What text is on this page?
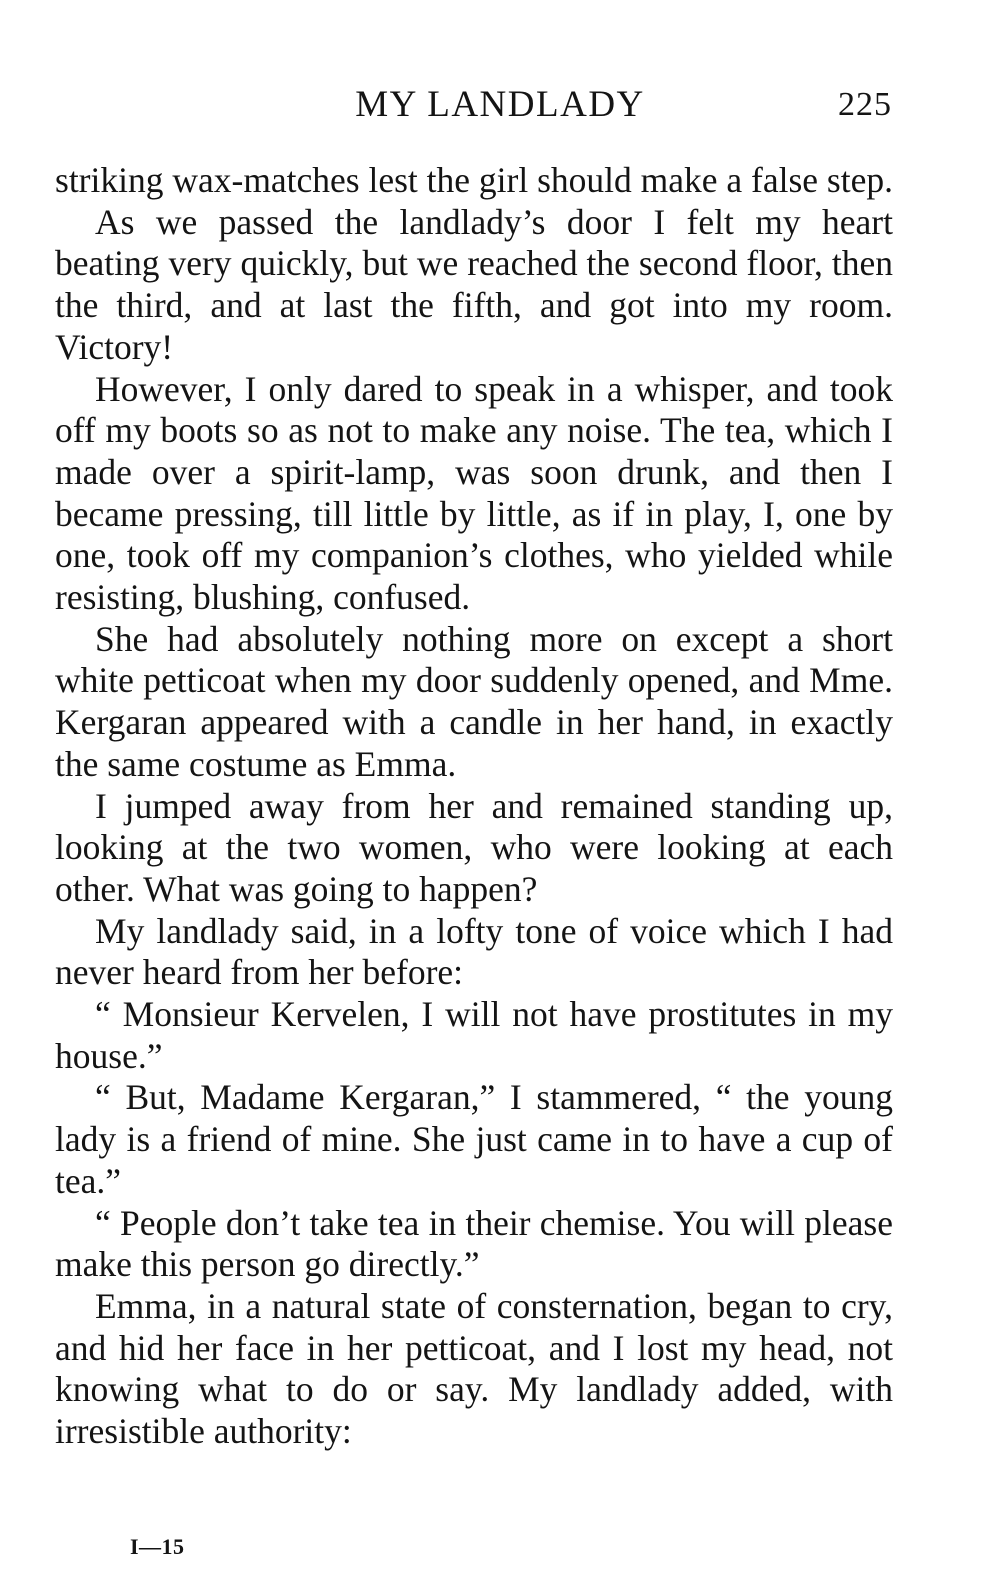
MY LANDLADY	225

striking wax-matches lest the girl should make a false step.

As we passed the landlady’s door I felt my heart beating very quickly, but we reached the second floor, then the third, and at last the fifth, and got into my room. Victory!

However, I only dared to speak in a whisper, and took off my boots so as not to make any noise. The tea, which I made over a spirit-lamp, was soon drunk, and then I became pressing, till little by little, as if in play, I, one by one, took off my companion’s clothes, who yielded while resisting, blushing, confused.

She had absolutely nothing more on except a short white petticoat when my door suddenly opened, and Mme. Kergaran appeared with a candle in her hand, in exactly the same costume as Emma.

I jumped away from her and remained standing up, looking at the two women, who were looking at each other. What was going to happen?

My landlady said, in a lofty tone of voice which I had never heard from her before:

“ Monsieur Kervelen, I will not have prostitutes in my house.”

“ But, Madame Kergaran,” I stammered, “ the young lady is a friend of mine. She just came in to have a cup of tea.”

“ People don’t take tea in their chemise. You will please make this person go directly.”

Emma, in a natural state of consternation, began to cry, and hid her face in her petticoat, and I lost my head, not knowing what to do or say. My landlady added, with irresistible authority:

I—15
